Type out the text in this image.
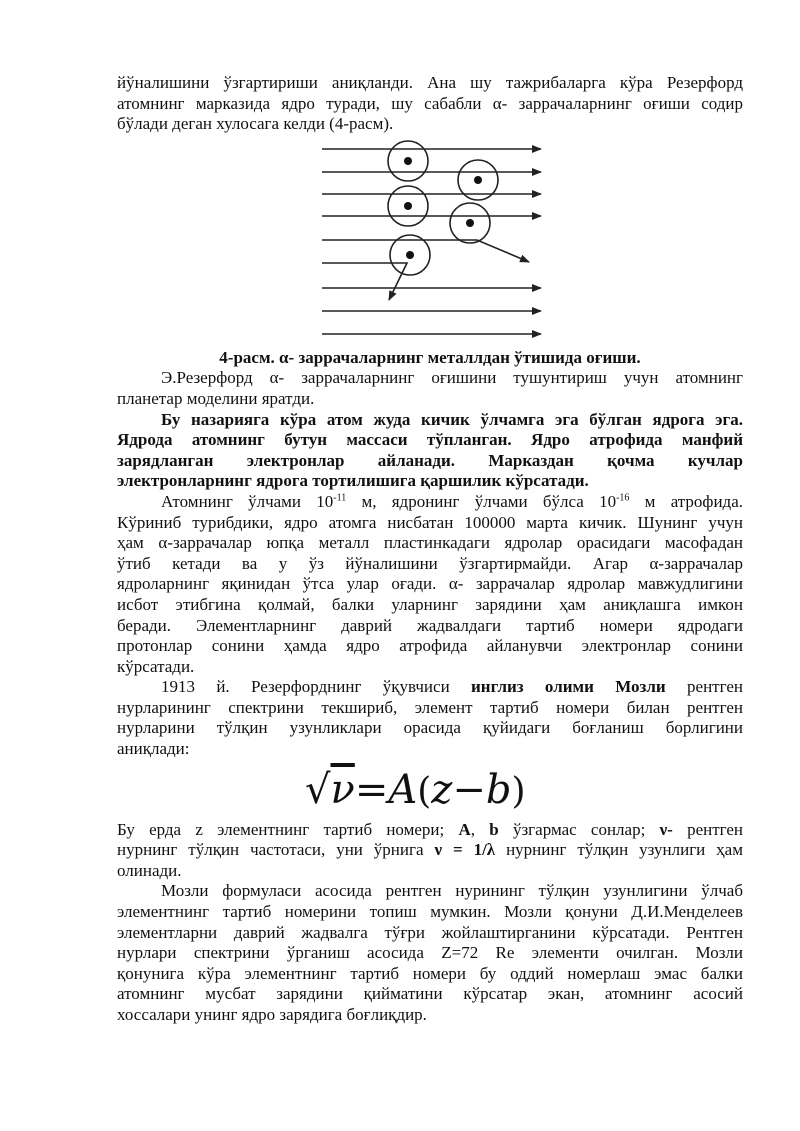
йўналишини ўзгартириши аниқланди. Ана шу тажрибаларга кўра Резерфорд

атомнинг марказида ядро туради, шу сабабли α- заррачаларнинг оғиши содир

бўлади деган хулосага келди (4-расм).

4-расм. α- заррачаларнинг металлдан ўтишида оғиши.

Э.Резерфорд α- заррачаларнинг оғишини тушунтириш учун атомнинг

планетар моделини яратди.

Бу назарияга кўра атом жуда кичик ўлчамга эга бўлган ядрога эга.

Ядрода атомнинг бутун массаси тўпланган. Ядро атрофида манфий

зарядланган электронлар айланади. Марказдан қочма кучлар

электронларнинг ядрога тортилишига қаршилик кўрсатади.

Атомнинг ўлчами $10^{-11}$ м, ядронинг ўлчами бўлса $10^{-16}$ м атрофида.

Кўриниб турибдики, ядро атомга нисбатан 100000 марта кичик. Шунинг учун

ҳам α-заррачалар юпқа металл пластинкадаги ядролар орасидаги масофадан

ўтиб кетади ва у ўз йўналишини ўзгартирмайди. Агар α-заррачалар

ядроларнинг яқинидан ўтса улар оғади. α- заррачалар ядролар мавжудлигини

исбот этибгина қолмай, балки уларнинг зарядини ҳам аниқлашга имкон

беради. Элементларнинг даврий жадвалдаги тартиб номери ядродаги

протонлар сонини ҳамда ядро атрофида айланувчи электронлар сонини

кўрсатади.

1913 й. Резерфорднинг ўқувчиси инглиз олими Мозли рентген

нурларининг спектрини текшириб, элемент тартиб номери билан рентген

нурларини тўлқин узунликлари орасида қуйидаги боғланиш борлигини

аниқлади:

√ν=A(z−b)

Бу ерда z элементнинг тартиб номери; A, b ўзгармас сонлар; ν- рентген

нурнинг тўлқин частотаси, уни ўрнига ν = 1/λ нурнинг тўлқин узунлиги ҳам

олинади.

Мозли формуласи асосида рентген нурининг тўлқин узунлигини ўлчаб

элементнинг тартиб номерини топиш мумкин. Мозли қонуни Д.И.Менделеев

элементларни даврий жадвалга тўғри жойлаштирганини кўрсатади. Рентген

нурлари спектрини ўрганиш асосида Z=72 Re элементи очилган. Мозли

қонунига кўра элементнинг тартиб номери бу оддий номерлаш эмас балки

атомнинг мусбат зарядини қийматини кўрсатар экан, атомнинг асосий

хоссалари унинг ядро зарядига боғлиқдир.
